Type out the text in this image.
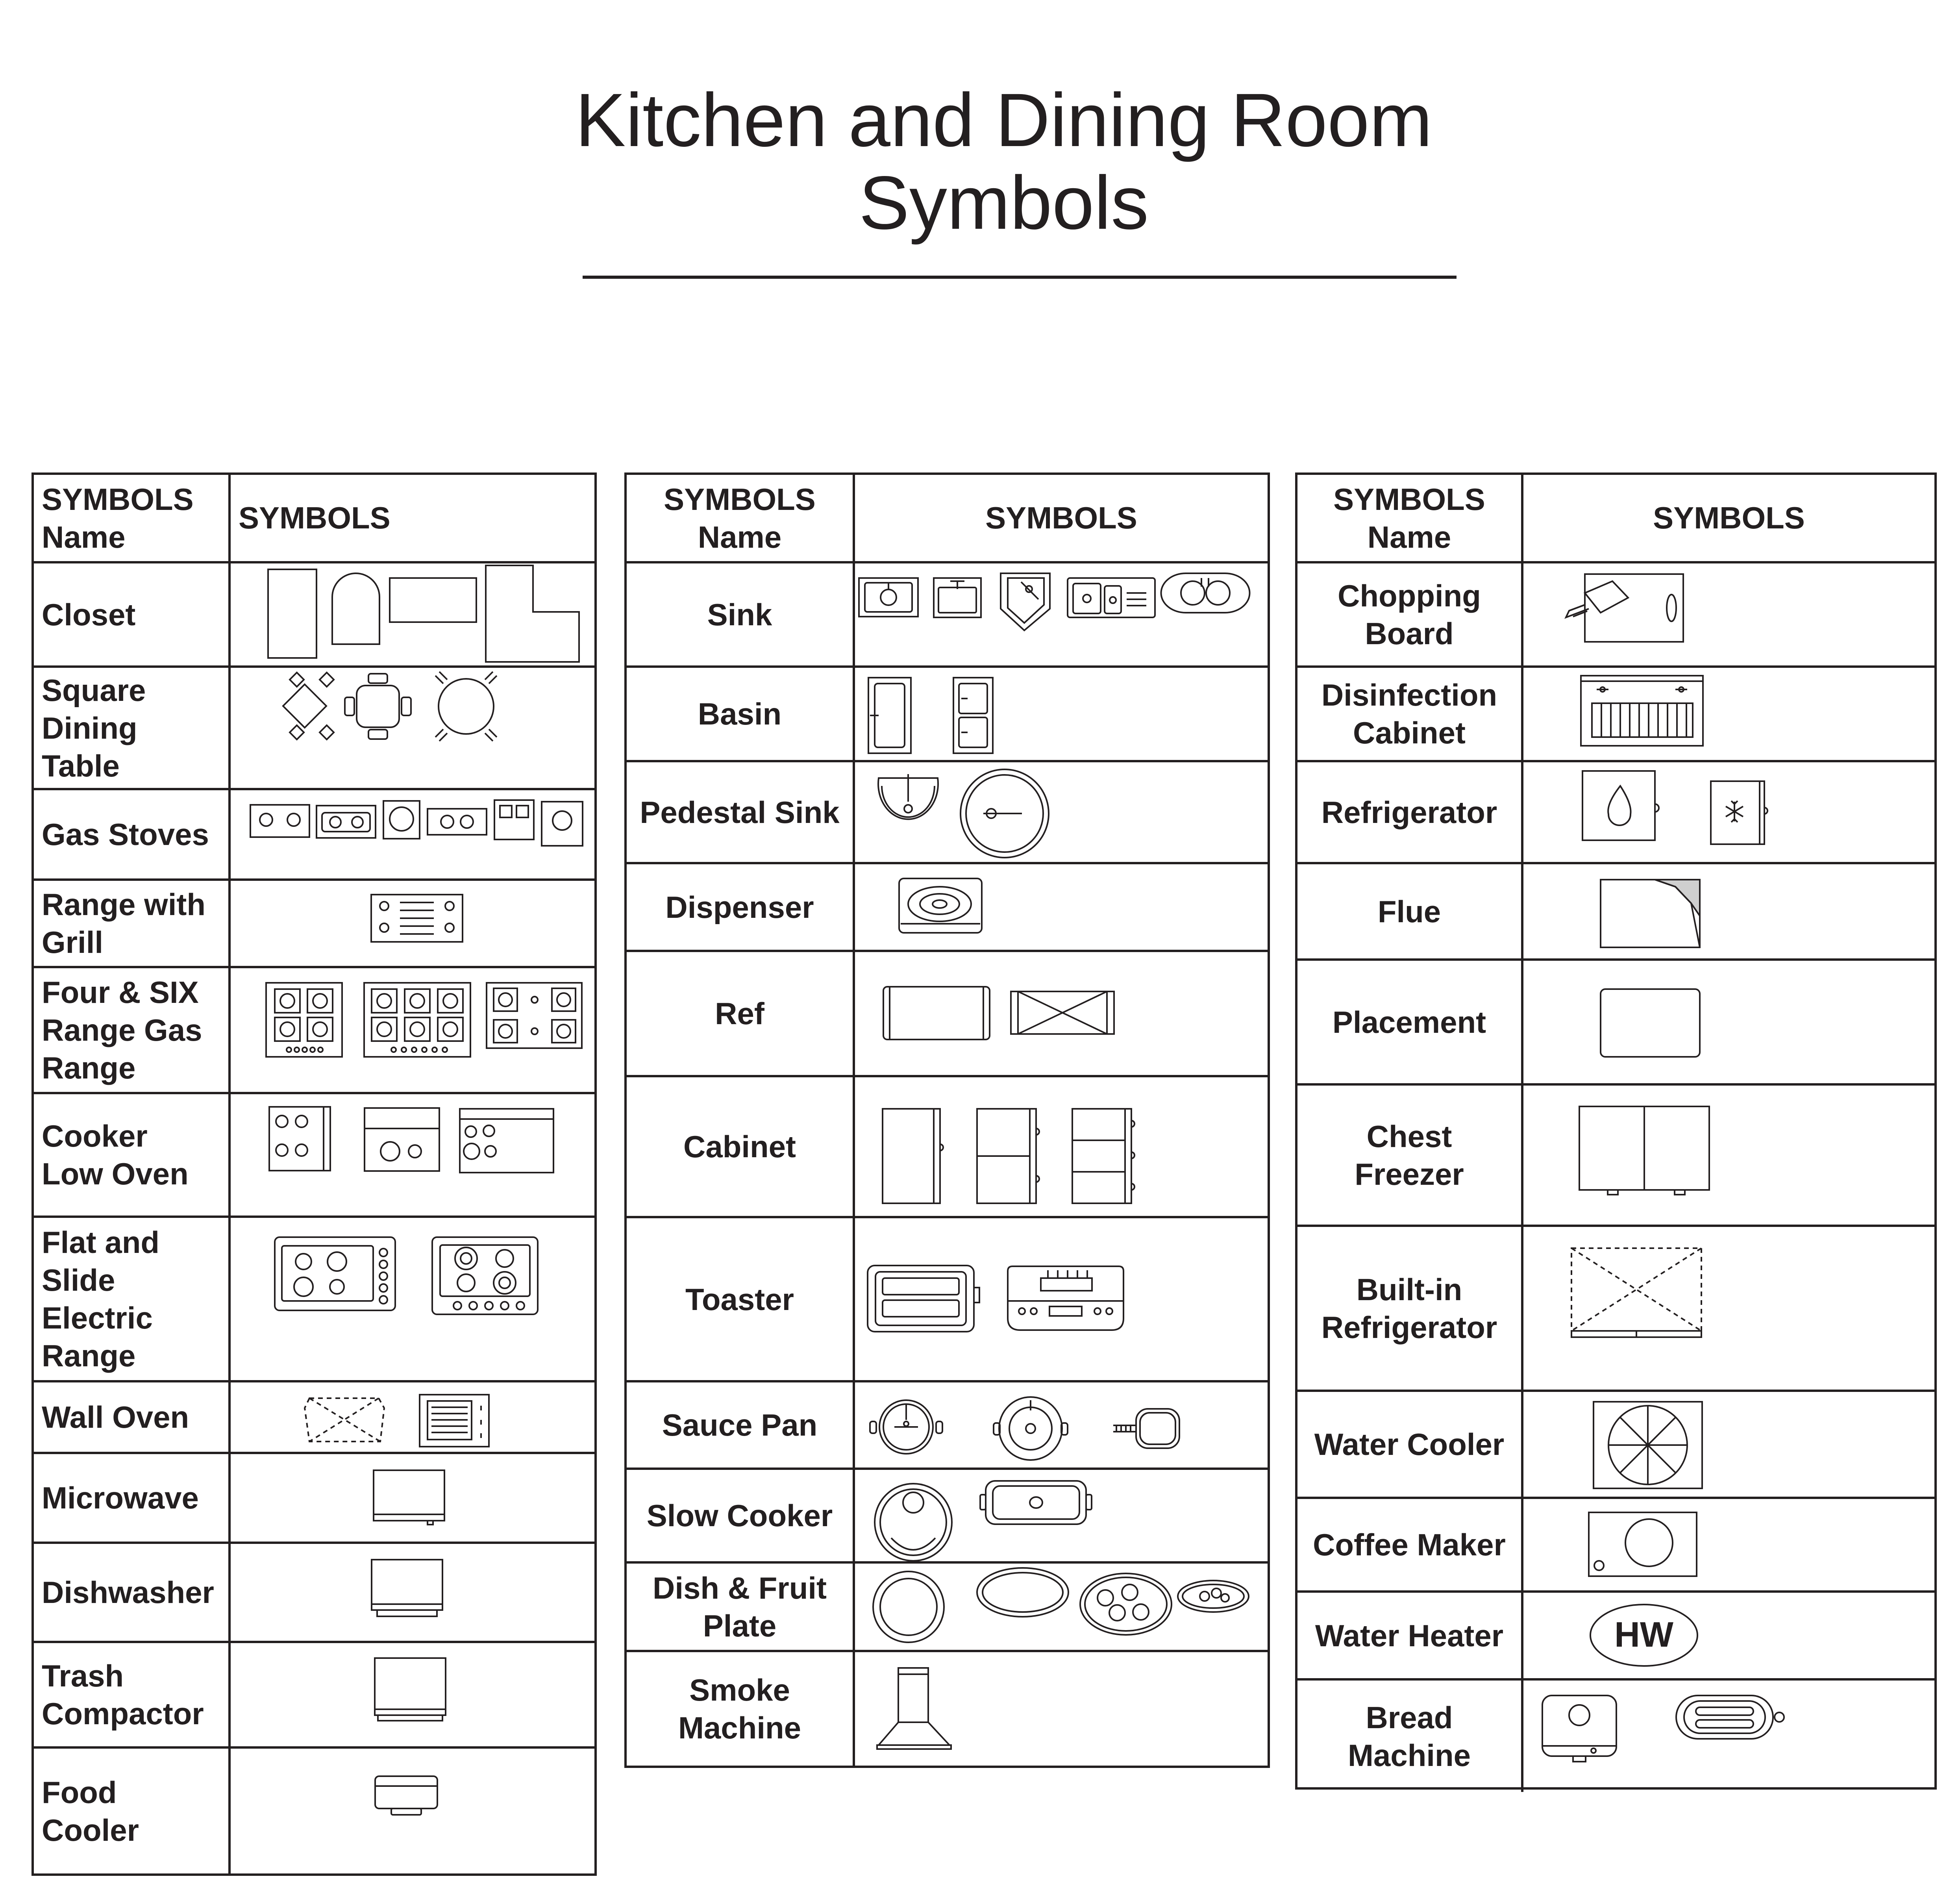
Kitchen and Dining Room
Symbols
SYMBOLS
Name
SYMBOLS
Closet
Square
Dining
Table
Gas Stoves
Range with
Grill
Four & SIX
Range Gas
Range
Cooker
Low Oven
Flat and
Slide
Electric
Range
Wall Oven
Microwave
Dishwasher
Trash
Compactor
Food
Cooler
SYMBOLS
Name
SYMBOLS
Sink
Basin
Pedestal Sink
Dispenser
Ref
Cabinet
Toaster
Sauce Pan
Slow Cooker
Dish & Fruit
Plate
Smoke
Machine
SYMBOLS
Name
SYMBOLS
Chopping
Board
Disinfection
Cabinet
Refrigerator
Flue
Placement
Chest
Freezer
Built-in
Refrigerator
Water Cooler
Coffee Maker
Water Heater	HW
Bread
Machine
